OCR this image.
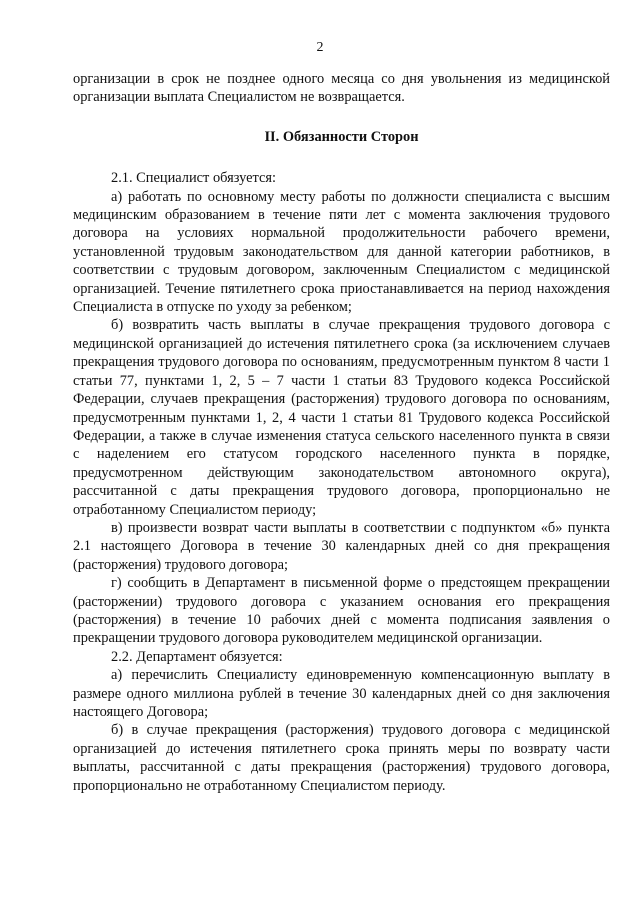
2

организации в срок не позднее одного месяца со дня увольнения из медицинской организации выплата Специалистом не возвращается.

II. Обязанности Сторон

2.1. Специалист обязуется:

а) работать по основному месту работы по должности специалиста с высшим медицинским образованием в течение пяти лет с момента заключения трудового договора на условиях нормальной продолжительности рабочего времени, установленной трудовым законодательством для данной категории работников, в соответствии с трудовым договором, заключенным Специалистом с медицинской организацией. Течение пятилетнего срока приостанавливается на период нахождения Специалиста в отпуске по уходу за ребенком;

б) возвратить часть выплаты в случае прекращения трудового договора с медицинской организацией до истечения пятилетнего срока (за исключением случаев прекращения трудового договора по основаниям, предусмотренным пунктом 8 части 1 статьи 77, пунктами 1, 2, 5 – 7 части 1 статьи 83 Трудового кодекса Российской Федерации, случаев прекращения (расторжения) трудового договора по основаниям, предусмотренным пунктами 1, 2, 4 части 1 статьи 81 Трудового кодекса Российской Федерации, а также в случае изменения статуса сельского населенного пункта в связи с наделением его статусом городского населенного пункта в порядке, предусмотренном действующим законодательством автономного округа), рассчитанной с даты прекращения трудового договора, пропорционально не отработанному Специалистом периоду;

в) произвести возврат части выплаты в соответствии с подпунктом «б» пункта 2.1 настоящего Договора в течение 30 календарных дней со дня прекращения (расторжения) трудового договора;

г) сообщить в Департамент в письменной форме о предстоящем прекращении (расторжении) трудового договора с указанием основания его прекращения (расторжения) в течение 10 рабочих дней с момента подписания заявления о прекращении трудового договора руководителем медицинской организации.

2.2. Департамент обязуется:

а) перечислить Специалисту единовременную компенсационную выплату в размере одного миллиона рублей в течение 30 календарных дней со дня заключения настоящего Договора;

б) в случае прекращения (расторжения) трудового договора с медицинской организацией до истечения пятилетнего срока принять меры по возврату части выплаты, рассчитанной с даты прекращения (расторжения) трудового договора, пропорционально не отработанному Специалистом периоду.
